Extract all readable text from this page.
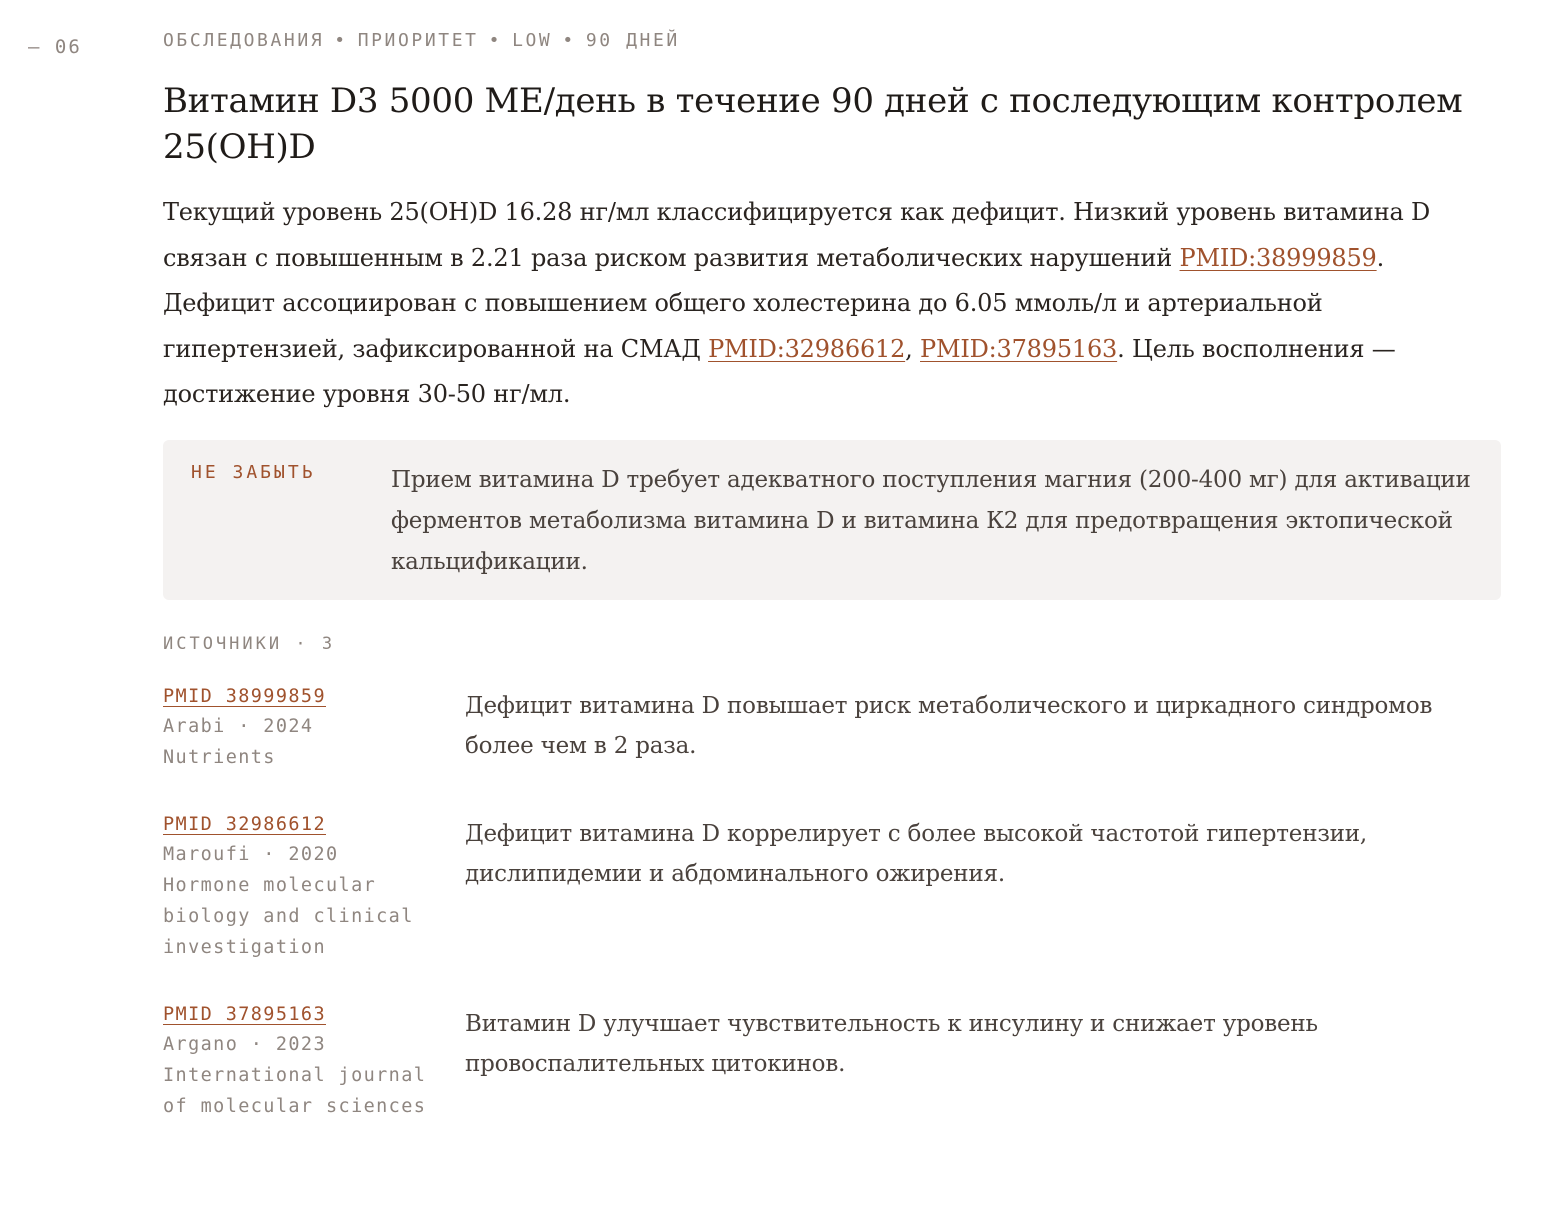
— 06	ОБСЛЕДОВАНИЯ • ПРИОРИТЕТ • LOW • 90 ДНЕЙ
Витамин D3 5000 МЕ/день в течение 90 дней с последующим контролем 25(OH)D
Текущий уровень 25(OH)D 16.28 нг/мл классифицируется как дефицит. Низкий уровень витамина D связан с повышенным в 2.21 раза риском развития метаболических нарушений PMID:38999859. Дефицит ассоциирован с повышением общего холестерина до 6.05 ммоль/л и артериальной гипертензией, зафиксированной на СМАД PMID:32986612, PMID:37895163. Цель восполнения — достижение уровня 30-50 нг/мл.
НЕ ЗАБЫТЬ	Прием витамина D требует адекватного поступления магния (200-400 мг) для активации ферментов метаболизма витамина D и витамина К2 для предотвращения эктопической кальцификации.
ИСТОЧНИКИ · 3
PMID 38999859
Arabi · 2024
Nutrients
Дефицит витамина D повышает риск метаболического и циркадного синдромов более чем в 2 раза.
PMID 32986612
Maroufi · 2020
Hormone molecular biology and clinical investigation
Дефицит витамина D коррелирует с более высокой частотой гипертензии, дислипидемии и абдоминального ожирения.
PMID 37895163
Argano · 2023
International journal of molecular sciences
Витамин D улучшает чувствительность к инсулину и снижает уровень провоспалительных цитокинов.
